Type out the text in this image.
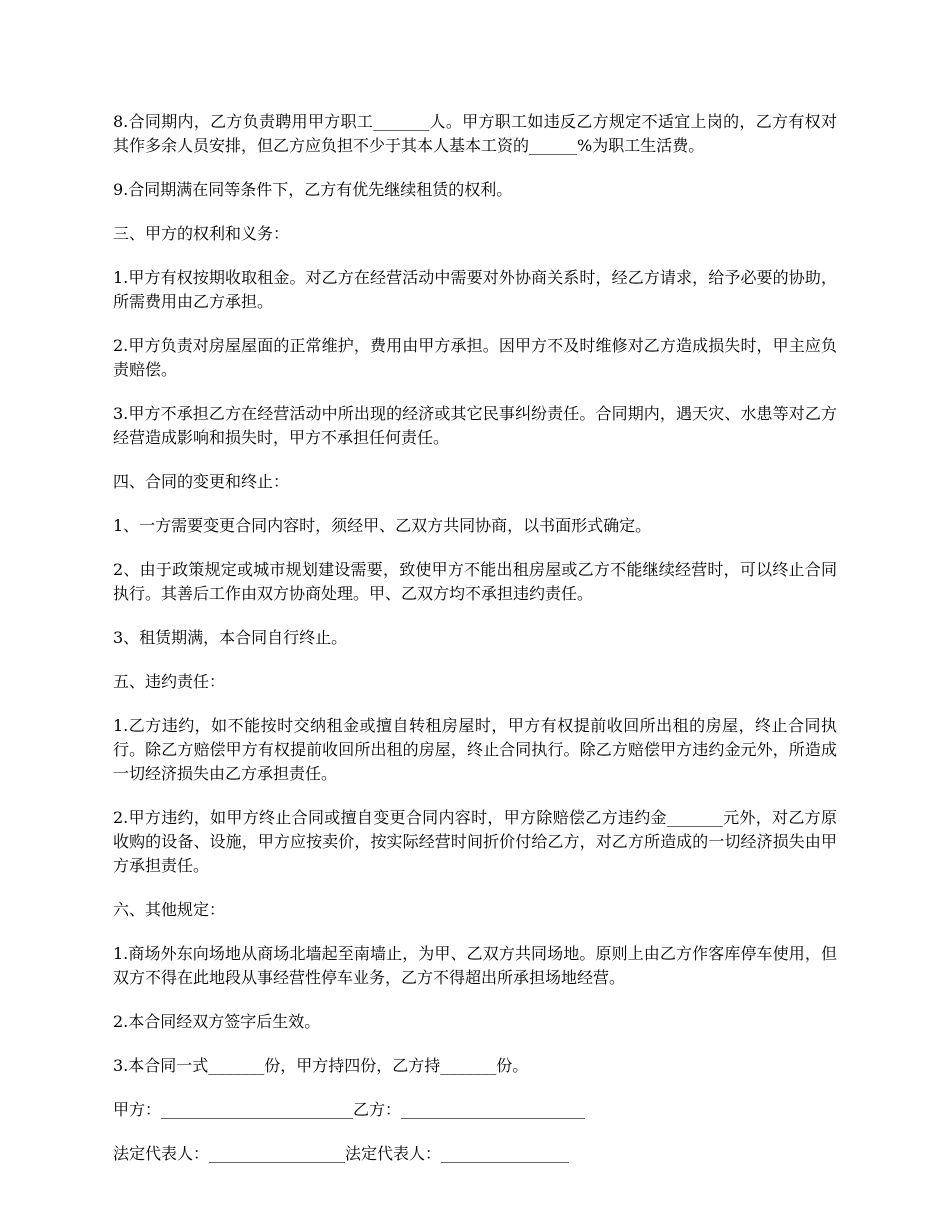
8.合同期内，乙方负责聘用甲方职工_______人。甲方职工如违反乙方规定不适宜上岗的，乙方有权对其作多余人员安排，但乙方应负担不少于其本人基本工资的______%为职工生活费。

9.合同期满在同等条件下，乙方有优先继续租赁的权利。

三、甲方的权利和义务：

1.甲方有权按期收取租金。对乙方在经营活动中需要对外协商关系时，经乙方请求，给予必要的协助，所需费用由乙方承担。

2.甲方负责对房屋屋面的正常维护，费用由甲方承担。因甲方不及时维修对乙方造成损失时，甲主应负责赔偿。

3.甲方不承担乙方在经营活动中所出现的经济或其它民事纠纷责任。合同期内，遇天灾、水患等对乙方经营造成影响和损失时，甲方不承担任何责任。

四、合同的变更和终止：

1、一方需要变更合同内容时，须经甲、乙双方共同协商，以书面形式确定。

2、由于政策规定或城市规划建设需要，致使甲方不能出租房屋或乙方不能继续经营时，可以终止合同执行。其善后工作由双方协商处理。甲、乙双方均不承担违约责任。

3、租赁期满，本合同自行终止。

五、违约责任：

1.乙方违约，如不能按时交纳租金或擅自转租房屋时，甲方有权提前收回所出租的房屋，终止合同执行。除乙方赔偿甲方有权提前收回所出租的房屋，终止合同执行。除乙方赔偿甲方违约金元外，所造成一切经济损失由乙方承担责任。

2.甲方违约，如甲方终止合同或擅自变更合同内容时，甲方除赔偿乙方违约金_______元外，对乙方原收购的设备、设施，甲方应按卖价，按实际经营时间折价付给乙方，对乙方所造成的一切经济损失由甲方承担责任。

六、其他规定：

1.商场外东向场地从商场北墙起至南墙止，为甲、乙双方共同场地。原则上由乙方作客库停车使用，但双方不得在此地段从事经营性停车业务，乙方不得超出所承担场地经营。

2.本合同经双方签字后生效。

3.本合同一式_______份，甲方持四份，乙方持_______份。

甲方：________________________乙方：_______________________

法定代表人：_________________法定代表人：________________
